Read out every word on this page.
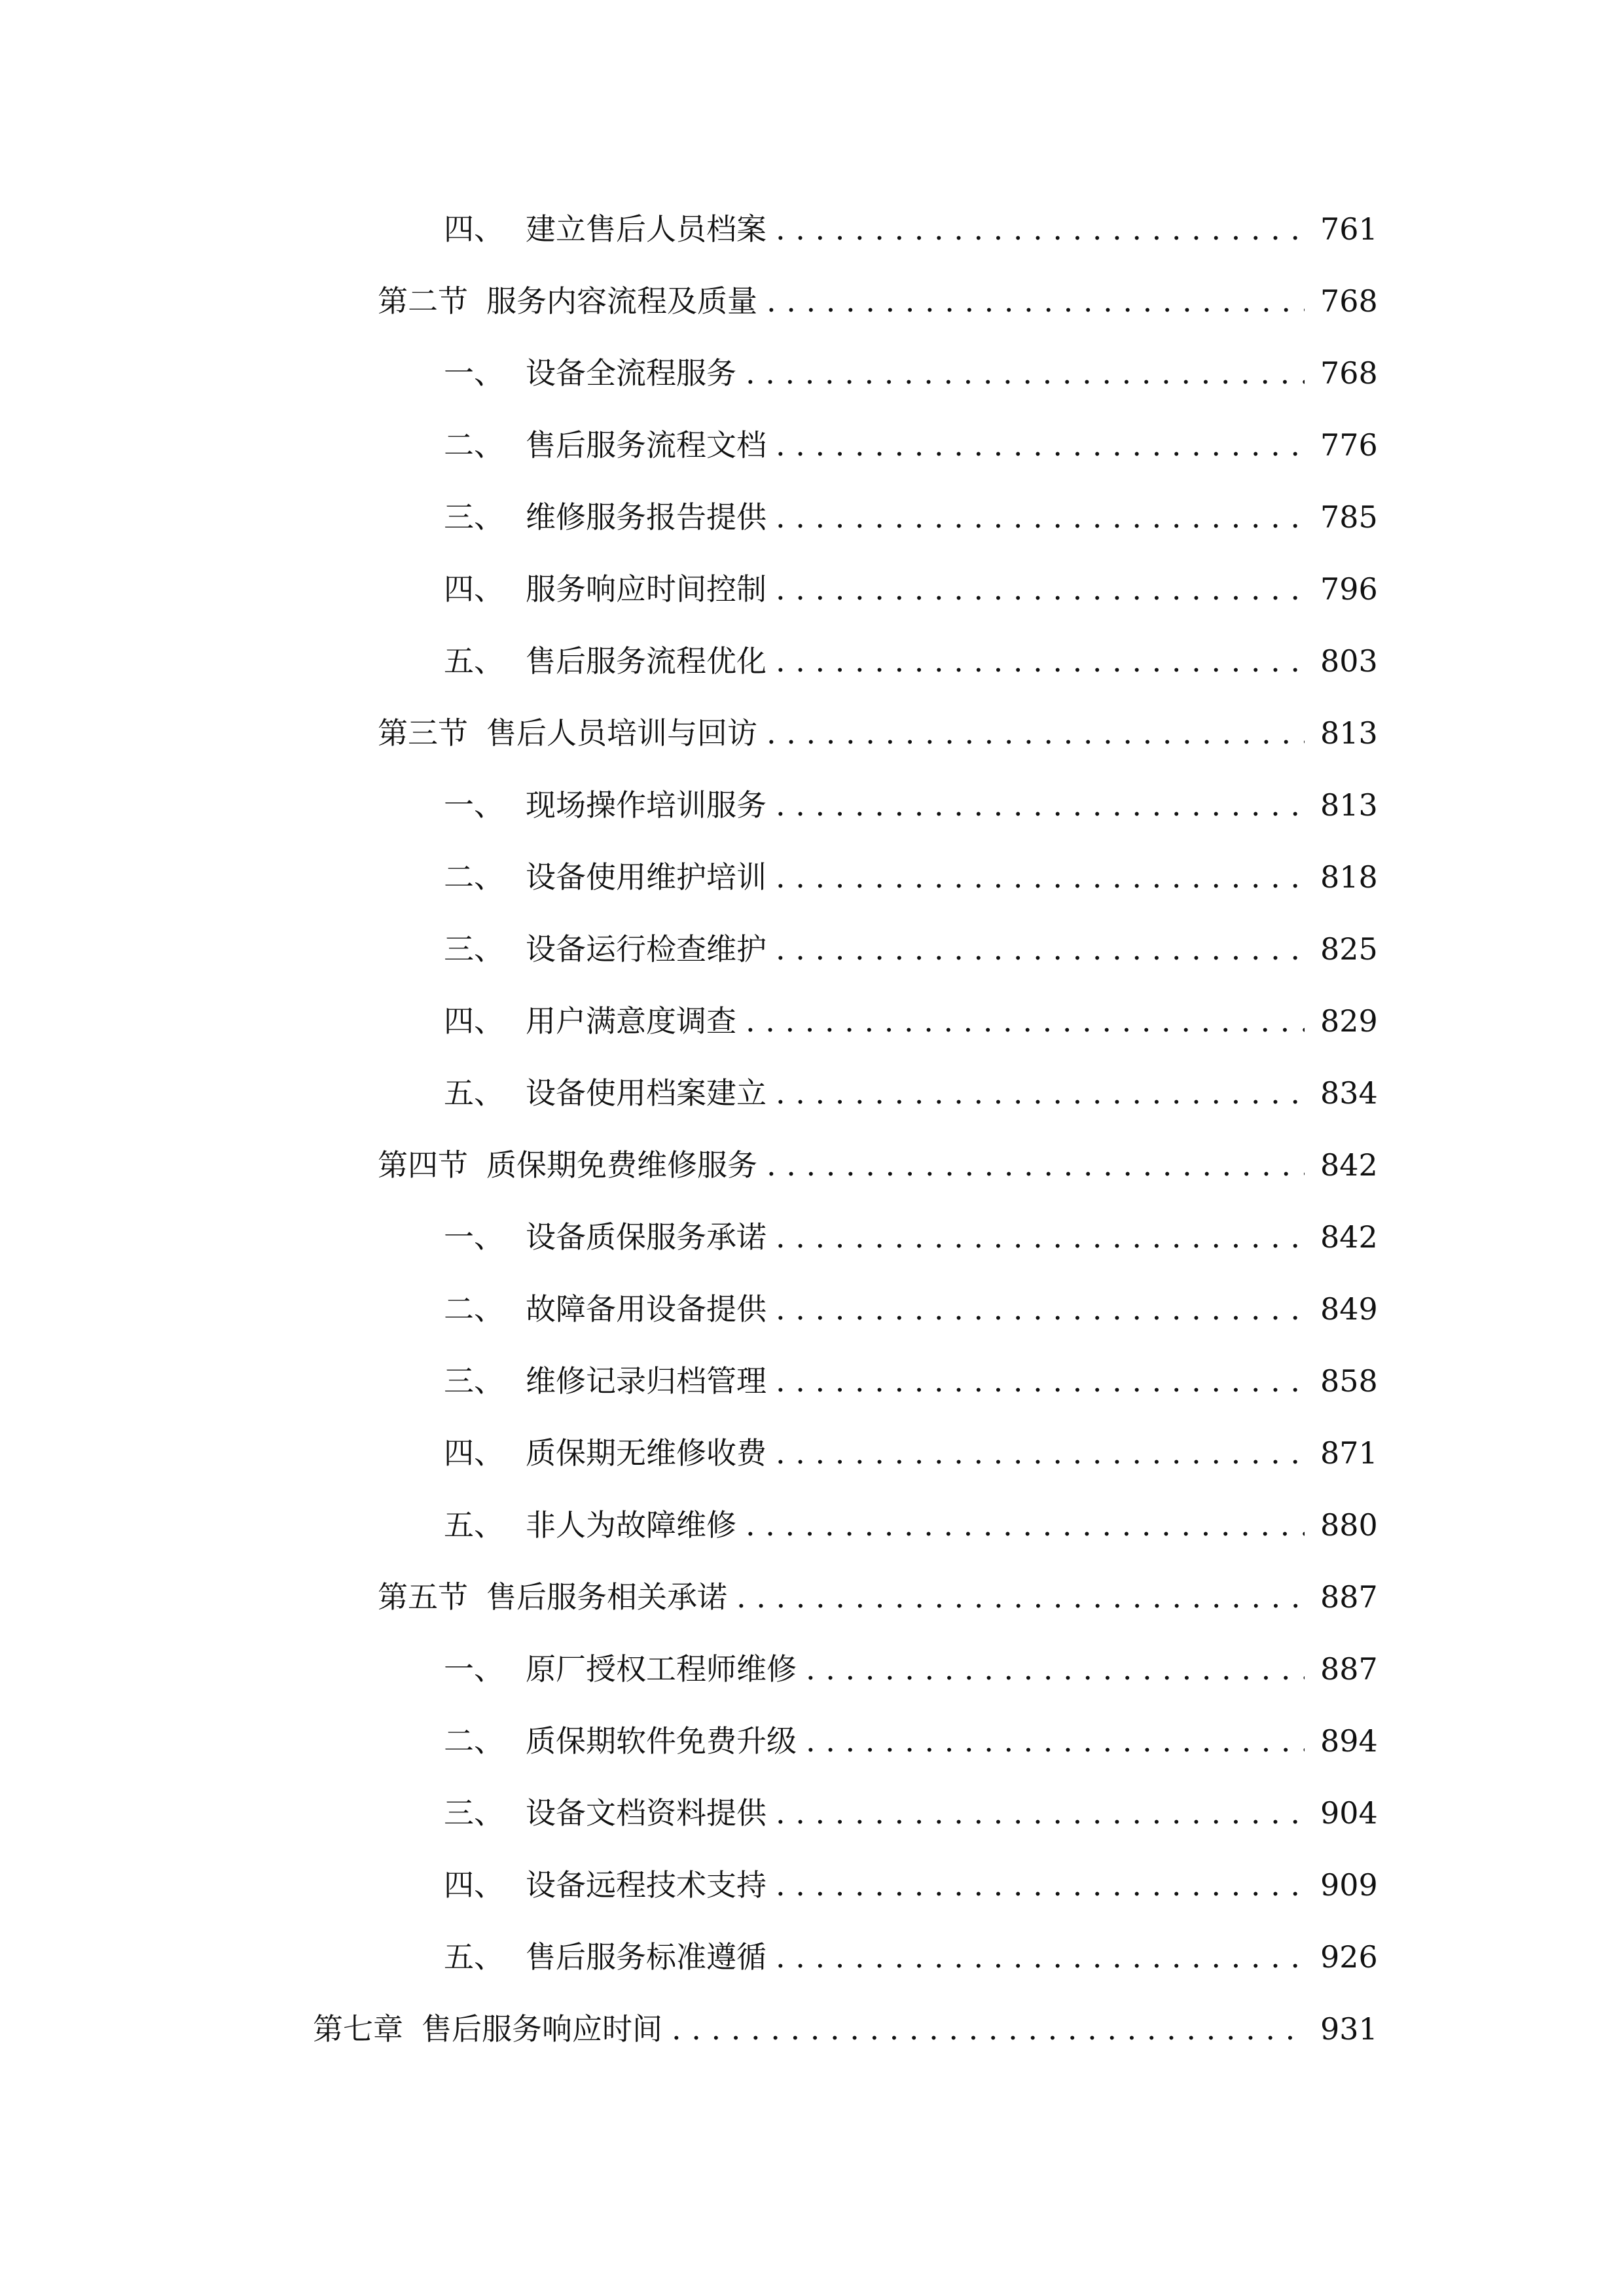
四、 建立售后人员档案 . . .	761
第二节 服务内容流程及质量 . . .	768
一、 设备全流程服务 . . .	768
二、 售后服务流程文档 . . .	776
三、 维修服务报告提供 . . .	785
四、 服务响应时间控制 . . .	796
五、 售后服务流程优化 . . .	803
第三节 售后人员培训与回访 . . .	813
一、 现场操作培训服务 . . .	813
二、 设备使用维护培训 . . .	818
三、 设备运行检查维护 . . .	825
四、 用户满意度调查 . . .	829
五、 设备使用档案建立 . . .	834
第四节 质保期免费维修服务 . . .	842
一、 设备质保服务承诺 . . .	842
二、 故障备用设备提供 . . .	849
三、 维修记录归档管理 . . .	858
四、 质保期无维修收费 . . .	871
五、 非人为故障维修 . . .	880
第五节 售后服务相关承诺 . . .	887
一、 原厂授权工程师维修 . . .	887
二、 质保期软件免费升级 . . .	894
三、 设备文档资料提供 . . .	904
四、 设备远程技术支持 . . .	909
五、 售后服务标准遵循 . . .	926
第七章 售后服务响应时间 . . .	931
